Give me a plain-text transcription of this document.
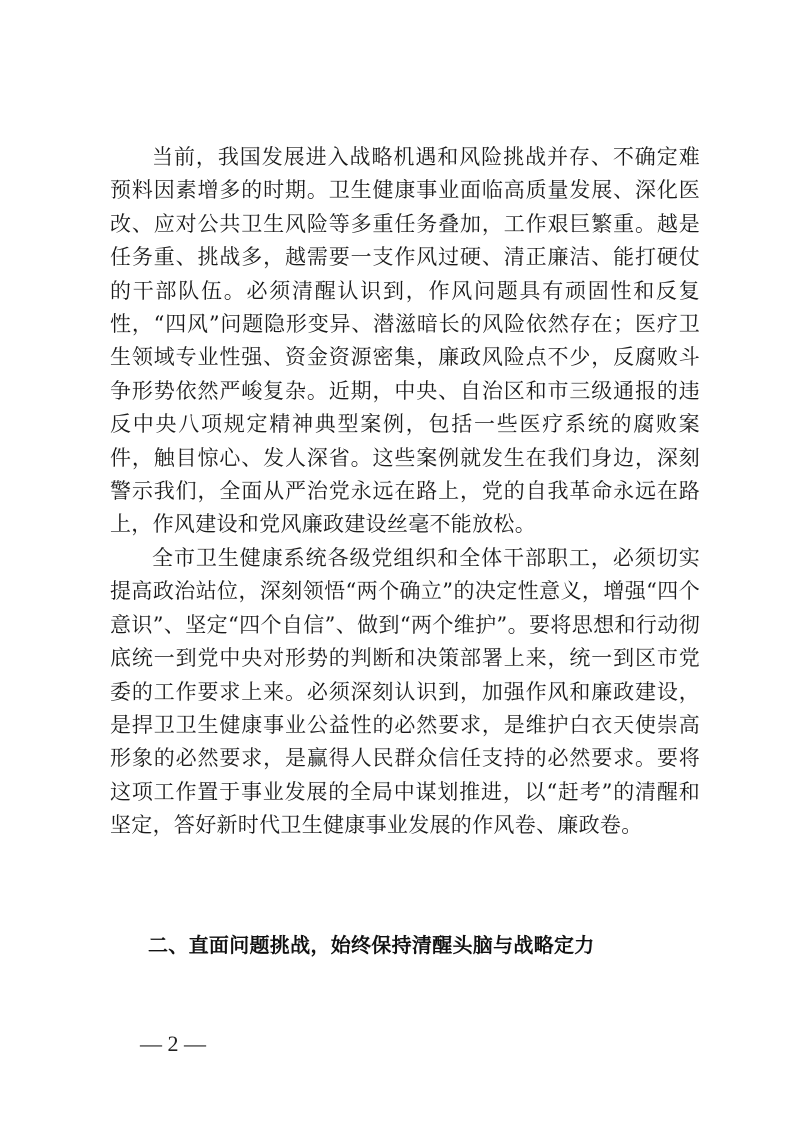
当前，我国发展进入战略机遇和风险挑战并存、不确定难预料因素增多的时期。卫生健康事业面临高质量发展、深化医改、应对公共卫生风险等多重任务叠加，工作艰巨繁重。越是任务重、挑战多，越需要一支作风过硬、清正廉洁、能打硬仗的干部队伍。必须清醒认识到，作风问题具有顽固性和反复性，“四风”问题隐形变异、潜滋暗长的风险依然存在；医疗卫生领域专业性强、资金资源密集，廉政风险点不少，反腐败斗争形势依然严峻复杂。近期，中央、自治区和市三级通报的违反中央八项规定精神典型案例，包括一些医疗系统的腐败案件，触目惊心、发人深省。这些案例就发生在我们身边，深刻警示我们，全面从严治党永远在路上，党的自我革命永远在路上，作风建设和党风廉政建设丝毫不能放松。

全市卫生健康系统各级党组织和全体干部职工，必须切实提高政治站位，深刻领悟“两个确立”的决定性意义，增强“四个意识”、坚定“四个自信”、做到“两个维护”。要将思想和行动彻底统一到党中央对形势的判断和决策部署上来，统一到区市党委的工作要求上来。必须深刻认识到，加强作风和廉政建设，是捍卫卫生健康事业公益性的必然要求，是维护白衣天使崇高形象的必然要求，是赢得人民群众信任支持的必然要求。要将这项工作置于事业发展的全局中谋划推进，以“赶考”的清醒和坚定，答好新时代卫生健康事业发展的作风卷、廉政卷。

二、直面问题挑战，始终保持清醒头脑与战略定力
— 2 —
